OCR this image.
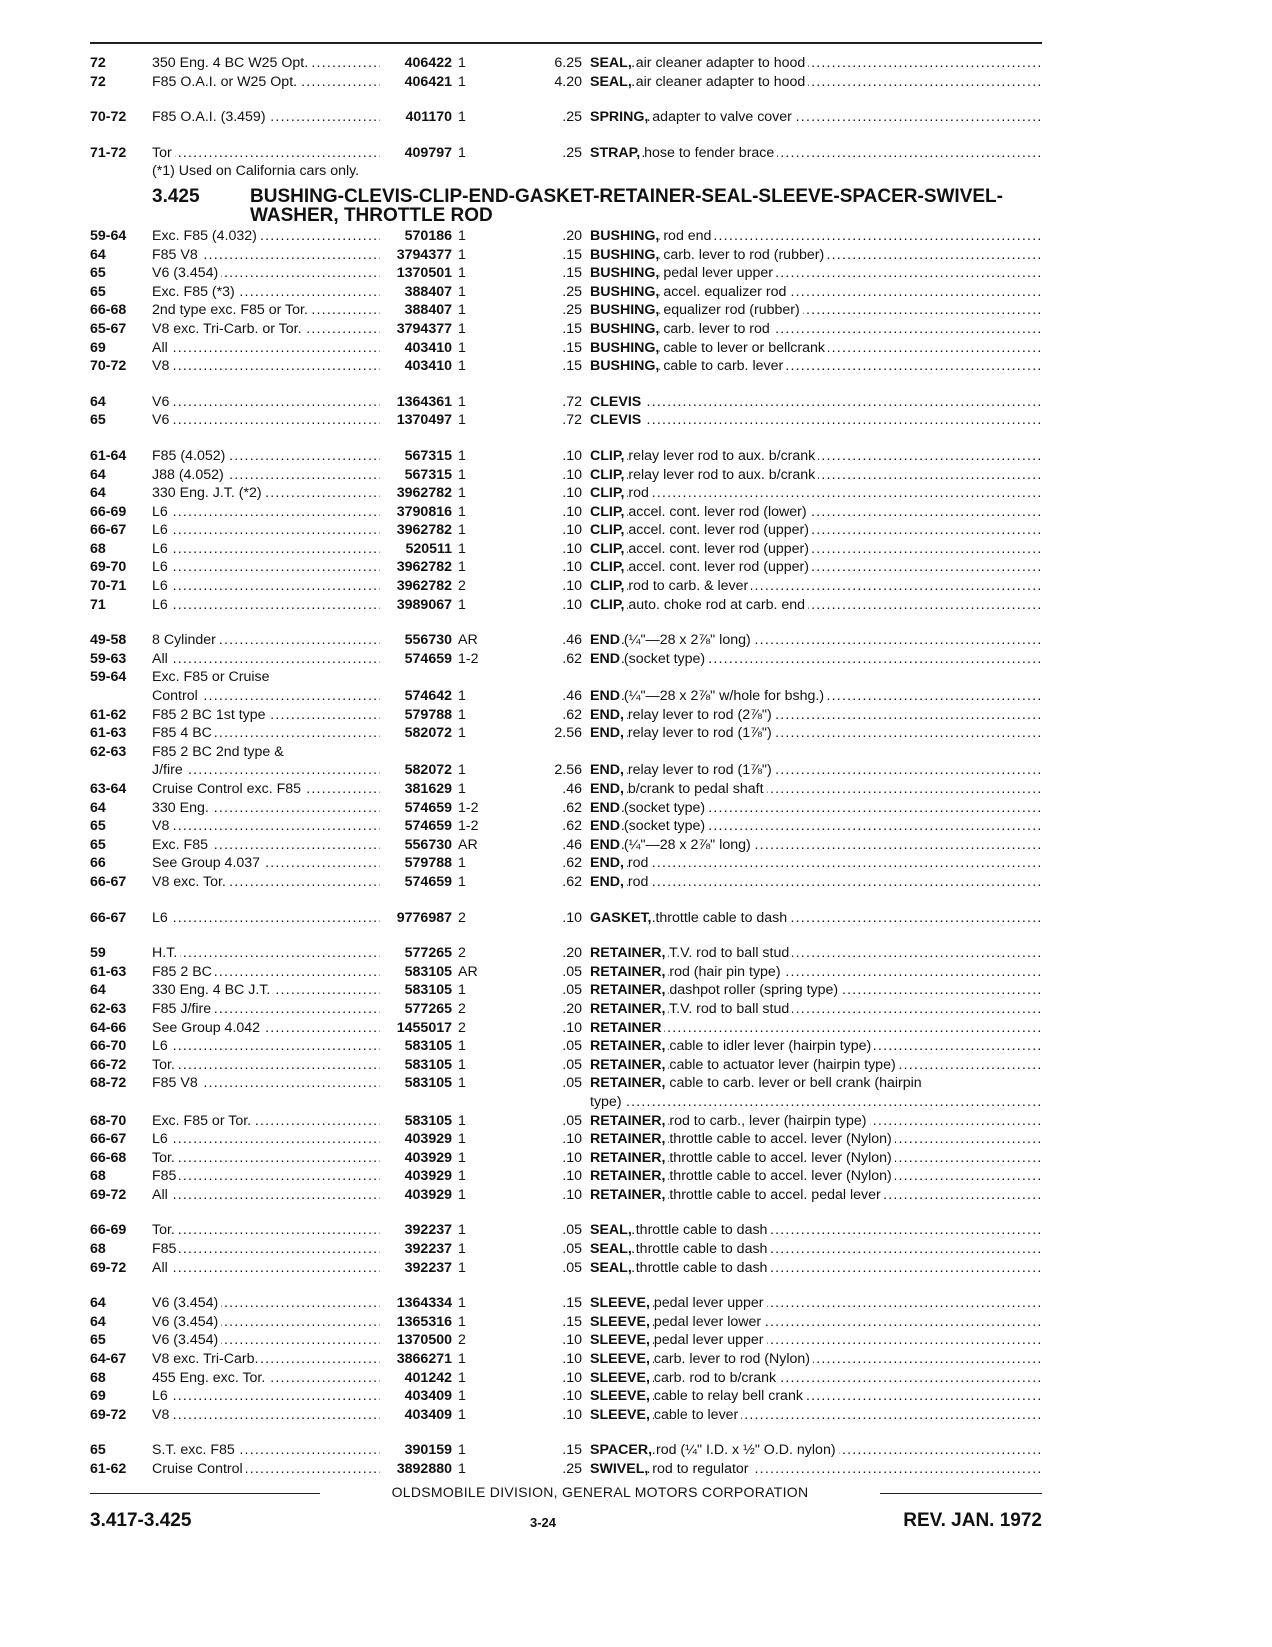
72	350 Eng. 4 BC W25 Opt. .....	406422 1	6.25 SEAL, air cleaner adapter to hood .....
72	F85 O.A.I. or W25 Opt. .....	406421 1	4.20 SEAL, air cleaner adapter to hood .....
70-72	F85 O.A.I. (3.459) .....	401170 1	.25 SPRING, adapter to valve cover .....
71-72	Tor .....	409797 1	.25 STRAP, hose to fender brace .....
(*1) Used on California cars only.
3.425	BUSHING-CLEVIS-CLIP-END-GASKET-RETAINER-SEAL-SLEEVE-SPACER-SWIVEL-WASHER, THROTTLE ROD
59-64	Exc. F85 (4.032) .....	570186 1	.20 BUSHING, rod end .....
64	F85 V8 .....	3794377 1	.15 BUSHING, carb. lever to rod (rubber) .....
65	V6 (3.454) .....	1370501 1	.15 BUSHING, pedal lever upper .....
65	Exc. F85 (*3) .....	388407 1	.25 BUSHING, accel. equalizer rod .....
66-68	2nd type exc. F85 or Tor. .....	388407 1	.25 BUSHING, equalizer rod (rubber) .....
65-67	V8 exc. Tri-Carb. or Tor. .....	3794377 1	.15 BUSHING, carb. lever to rod .....
69	All .....	403410 1	.15 BUSHING, cable to lever or bellcrank .....
70-72	V8 .....	403410 1	.15 BUSHING, cable to carb. lever .....
64	V6 .....	1364361 1	.72 CLEVIS .....
65	V6 .....	1370497 1	.72 CLEVIS .....
61-64	F85 (4.052) .....	567315 1	.10 CLIP, relay lever rod to aux. b/crank .....
64	J88 (4.052) .....	567315 1	.10 CLIP, relay lever rod to aux. b/crank .....
64	330 Eng. J.T. (*2) .....	3962782 1	.10 CLIP, rod .....
66-69	L6 .....	3790816 1	.10 CLIP, accel. cont. lever rod (lower) .....
66-67	L6 .....	3962782 1	.10 CLIP, accel. cont. lever rod (upper) .....
68	L6 .....	520511 1	.10 CLIP, accel. cont. lever rod (upper) .....
69-70	L6 .....	3962782 1	.10 CLIP, accel. cont. lever rod (upper) .....
70-71	L6 .....	3962782 2	.10 CLIP, rod to carb. & lever .....
71	L6 .....	3989067 1	.10 CLIP, auto. choke rod at carb. end .....
49-58	8 Cylinder .....	556730 AR	.46 END (¼"—28 x 2⅞" long) .....
59-63	All .....	574659 1-2	.62 END (socket type) .....
59-64	Exc. F85 or Cruise
Control .....	574642 1	.46 END (¼"—28 x 2⅞" w/hole for bshg.) .....
61-62	F85 2 BC 1st type .....	579788 1	.62 END, relay lever to rod (2⅞") .....
61-63	F85 4 BC .....	582072 1	2.56 END, relay lever to rod (1⅞") .....
62-63	F85 2 BC 2nd type &
J/fire .....	582072 1	2.56 END, relay lever to rod (1⅞") .....
63-64	Cruise Control exc. F85 .....	381629 1	.46 END, b/crank to pedal shaft .....
64	330 Eng. .....	574659 1-2	.62 END (socket type) .....
65	V8 .....	574659 1-2	.62 END (socket type) .....
65	Exc. F85 .....	556730 AR	.46 END (¼"—28 x 2⅞" long) .....
66	See Group 4.037 .....	579788 1	.62 END, rod .....
66-67	V8 exc. Tor. .....	574659 1	.62 END, rod .....
66-67	L6 .....	9776987 2	.10 GASKET, throttle cable to dash .....
59	H.T. .....	577265 2	.20 RETAINER, T.V. rod to ball stud .....
61-63	F85 2 BC .....	583105 AR	.05 RETAINER, rod (hair pin type) .....
64	330 Eng. 4 BC J.T. .....	583105 1	.05 RETAINER, dashpot roller (spring type) .....
62-63	F85 J/fire .....	577265 2	.20 RETAINER, T.V. rod to ball stud .....
64-66	See Group 4.042 .....	1455017 2	.10 RETAINER .....
66-70	L6 .....	583105 1	.05 RETAINER, cable to idler lever (hairpin type) .....
66-72	Tor. .....	583105 1	.05 RETAINER, cable to actuator lever (hairpin type) .....
68-72	F85 V8 .....	583105 1	.05 RETAINER, cable to carb. lever or bell crank (hairpin
type) .....
68-70	Exc. F85 or Tor. .....	583105 1	.05 RETAINER, rod to carb., lever (hairpin type) .....
66-67	L6 .....	403929 1	.10 RETAINER, throttle cable to accel. lever (Nylon) .....
66-68	Tor. .....	403929 1	.10 RETAINER, throttle cable to accel. lever (Nylon) .....
68	F85 .....	403929 1	.10 RETAINER, throttle cable to accel. lever (Nylon) .....
69-72	All .....	403929 1	.10 RETAINER, throttle cable to accel. pedal lever .....
66-69	Tor. .....	392237 1	.05 SEAL, throttle cable to dash .....
68	F85 .....	392237 1	.05 SEAL, throttle cable to dash .....
69-72	All .....	392237 1	.05 SEAL, throttle cable to dash .....
64	V6 (3.454) .....	1364334 1	.15 SLEEVE, pedal lever upper .....
64	V6 (3.454) .....	1365316 1	.15 SLEEVE, pedal lever lower .....
65	V6 (3.454) .....	1370500 2	.10 SLEEVE, pedal lever upper .....
64-67	V8 exc. Tri-Carb. .....	3866271 1	.10 SLEEVE, carb. lever to rod (Nylon) .....
68	455 Eng. exc. Tor. .....	401242 1	.10 SLEEVE, carb. rod to b/crank .....
69	L6 .....	403409 1	.10 SLEEVE, cable to relay bell crank .....
69-72	V8 .....	403409 1	.10 SLEEVE, cable to lever .....
65	S.T. exc. F85 .....	390159 1	.15 SPACER, rod (¼" I.D. x ½" O.D. nylon) .....
61-62	Cruise Control .....	3892880 1	.25 SWIVEL, rod to regulator .....
OLDSMOBILE DIVISION, GENERAL MOTORS CORPORATION
3.417-3.425	3-24	REV. JAN. 1972
